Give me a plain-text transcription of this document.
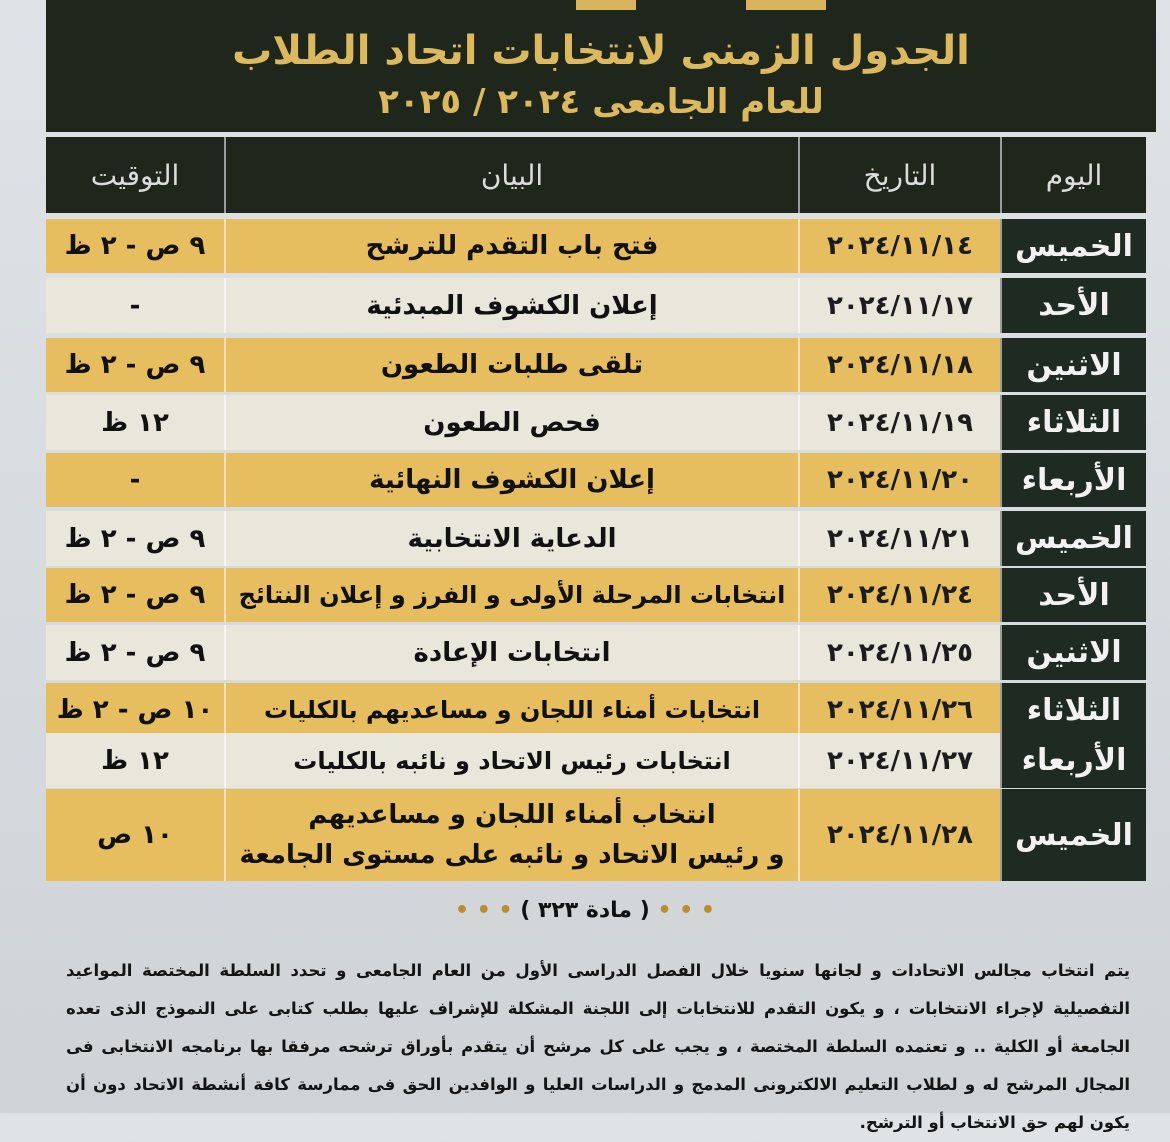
الجدول الزمنى لانتخابات اتحاد الطلاب
للعام الجامعى ٢٠٢٤ / ٢٠٢٥
اليوم
التاريخ
البيان
التوقيت
الخميس
٢٠٢٤/١١/١٤
فتح باب التقدم للترشح
٩ ص - ٢ ظ
الأحد
٢٠٢٤/١١/١٧
إعلان الكشوف المبدئية
-
الاثنين
٢٠٢٤/١١/١٨
تلقى طلبات الطعون
٩ ص - ٢ ظ
الثلاثاء
٢٠٢٤/١١/١٩
فحص الطعون
١٢ ظ
الأربعاء
٢٠٢٤/١١/٢٠
إعلان الكشوف النهائية
-
الخميس
٢٠٢٤/١١/٢١
الدعاية الانتخابية
٩ ص - ٢ ظ
الأحد
٢٠٢٤/١١/٢٤
انتخابات المرحلة الأولى و الفرز و إعلان النتائج
٩ ص - ٢ ظ
الاثنين
٢٠٢٤/١١/٢٥
انتخابات الإعادة
٩ ص - ٢ ظ
الثلاثاء
٢٠٢٤/١١/٢٦
انتخابات أمناء اللجان و مساعديهم بالكليات
١٠ ص - ٢ ظ
الأربعاء
٢٠٢٤/١١/٢٧
انتخابات رئيس الاتحاد و نائبه بالكليات
١٢ ظ
الخميس
٢٠٢٤/١١/٢٨
انتخاب أمناء اللجان و مساعديهم
و رئيس الاتحاد و نائبه على مستوى الجامعة
١٠ ص
• • • ( مادة ٣٢٣ ) • • •
يتم انتخاب مجالس الاتحادات و لجانها سنويا خلال الفصل الدراسى الأول من العام الجامعى و تحدد السلطة المختصة المواعيد التفصيلية لإجراء الانتخابات ، و يكون التقدم للانتخابات إلى اللجنة المشكلة للإشراف عليها بطلب كتابى على النموذج الذى تعده الجامعة أو الكلية .. و تعتمده السلطة المختصة ، و يجب على كل مرشح أن يتقدم بأوراق ترشحه مرفقا بها برنامجه الانتخابى فى المجال المرشح له و لطلاب التعليم الالكترونى المدمج و الدراسات العليا و الوافدين الحق فى ممارسة كافة أنشطة الاتحاد دون أن يكون لهم حق الانتخاب أو الترشح.
